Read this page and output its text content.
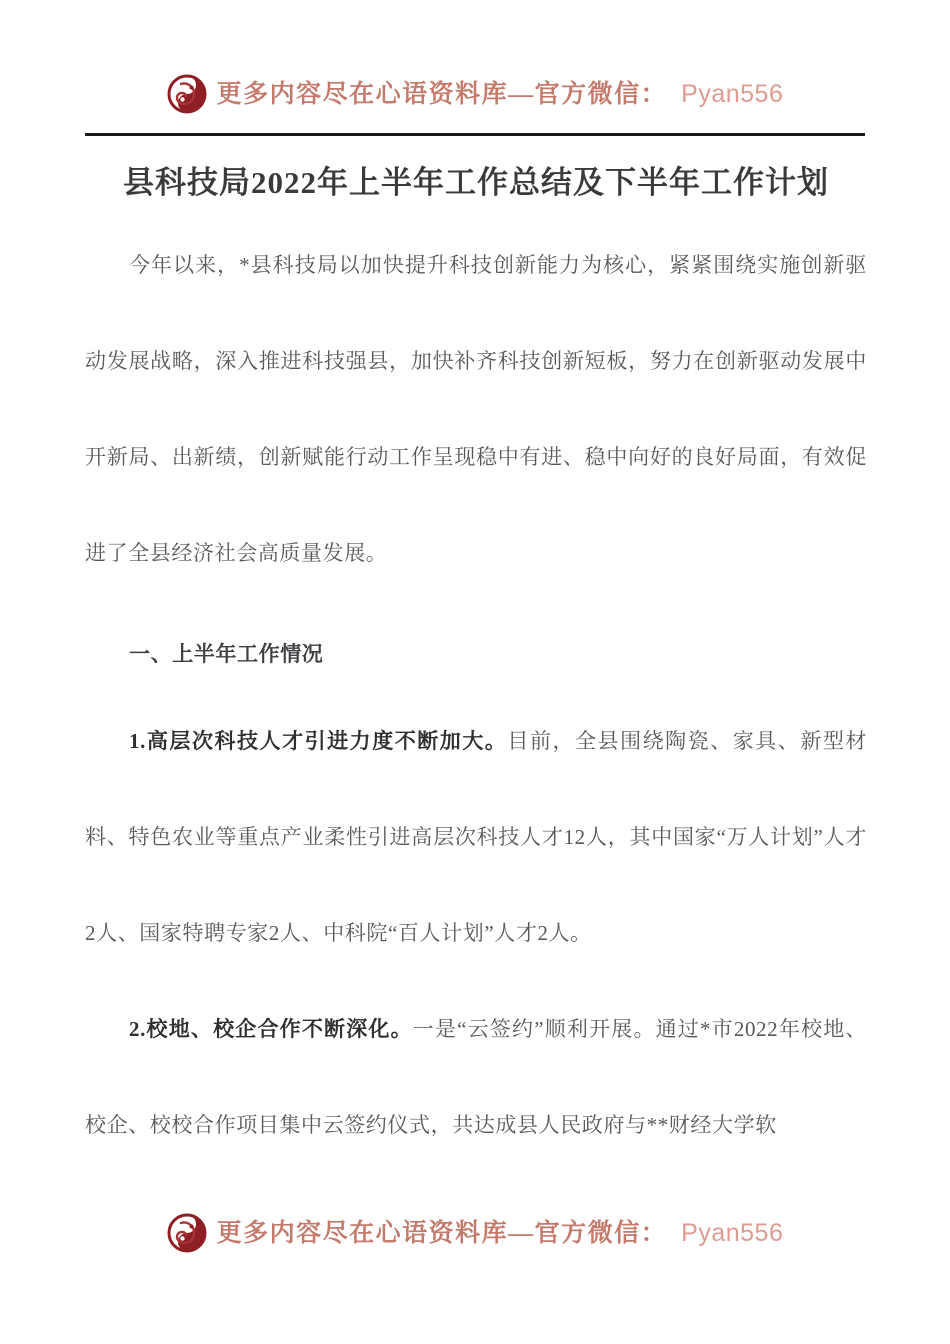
更多内容尽在心语资料库—官方微信： Pyan556
县科技局2022年上半年工作总结及下半年工作计划

今年以来，*县科技局以加快提升科技创新能力为核心，紧紧围绕实施创新驱动发展战略，深入推进科技强县，加快补齐科技创新短板，努力在创新驱动发展中开新局、出新绩，创新赋能行动工作呈现稳中有进、稳中向好的良好局面，有效促进了全县经济社会高质量发展。

一、上半年工作情况

1.高层次科技人才引进力度不断加大。目前，全县围绕陶瓷、家具、新型材料、特色农业等重点产业柔性引进高层次科技人才12人，其中国家“万人计划”人才2人、国家特聘专家2人、中科院“百人计划”人才2人。

2.校地、校企合作不断深化。一是“云签约”顺利开展。通过*市2022年校地、校企、校校合作项目集中云签约仪式，共达成县人民政府与**财经大学软

更多内容尽在心语资料库—官方微信： Pyan556
